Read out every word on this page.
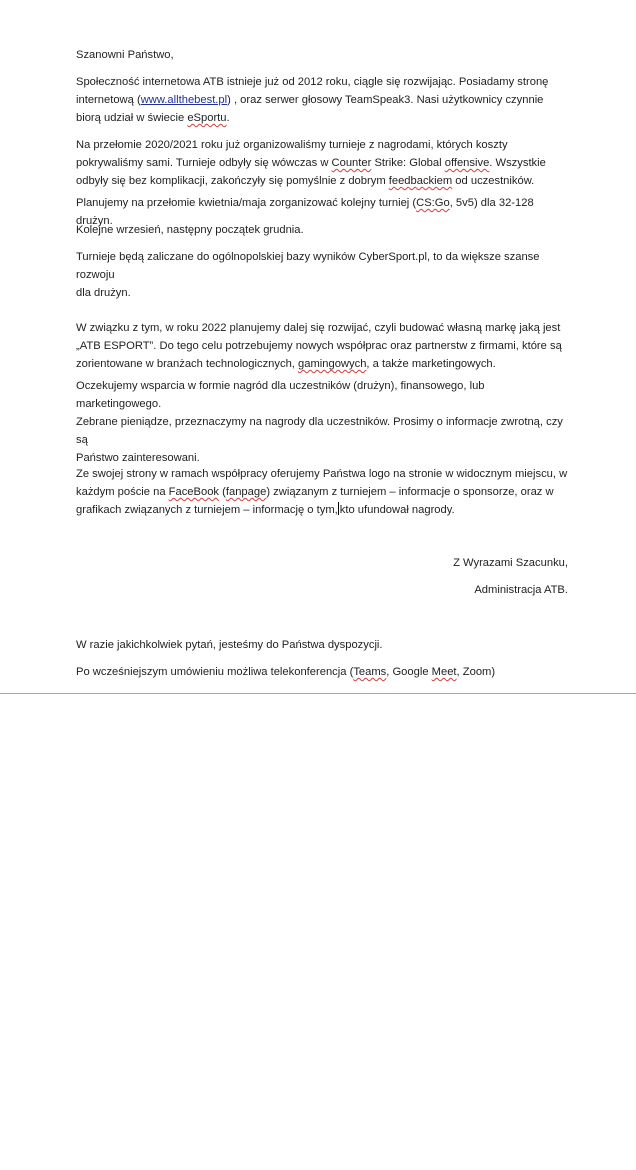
Szanowni Państwo,

Społeczność internetowa ATB istnieje już od 2012 roku, ciągle się rozwijając. Posiadamy stronę

internetową (www.allthebest.pl) , oraz serwer głosowy TeamSpeak3. Nasi użytkownicy czynnie

biorą udział w świecie eSportu.

Na przełomie 2020/2021 roku już organizowaliśmy turnieje z nagrodami, których koszty

pokrywaliśmy sami. Turnieje odbyły się wówczas w Counter Strike: Global offensive. Wszystkie

odbyły się bez komplikacji, zakończyły się pomyślnie z dobrym feedbackiem od uczestników.

Planujemy na przełomie kwietnia/maja zorganizować kolejny turniej (CS:Go, 5v5) dla 32-128 drużyn.

Kolejne wrzesień, następny początek grudnia.

Turnieje będą zaliczane do ogólnopolskiej bazy wyników CyberSport.pl, to da większe szanse rozwoju

dla drużyn.

W związku z tym, w roku 2022 planujemy dalej się rozwijać, czyli budować własną markę jaką jest

„ATB ESPORT”. Do tego celu potrzebujemy nowych współprac oraz partnerstw z firmami, które są

zorientowane w branżach technologicznych, gamingowych, a także marketingowych.

Oczekujemy wsparcia w formie nagród dla uczestników (drużyn), finansowego, lub marketingowego.

Zebrane pieniądze, przeznaczymy na nagrody dla uczestników. Prosimy o informacje zwrotną, czy są

Państwo zainteresowani.

Ze swojej strony w ramach współpracy oferujemy Państwa logo na stronie w widocznym miejscu, w

każdym poście na FaceBook (fanpage) związanym z turniejem – informacje o sponsorze, oraz w

grafikach związanych z turniejem – informację o tym, kto ufundował nagrody.

Z Wyrazami Szacunku,

Administracja ATB.

W razie jakichkolwiek pytań, jesteśmy do Państwa dyspozycji.

Po wcześniejszym umówieniu możliwa telekonferencja (Teams, Google Meet, Zoom)
